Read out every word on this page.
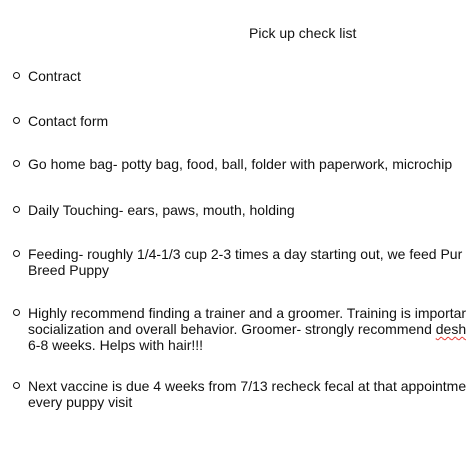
Pick up check list
Contract
Contact form
Go home bag- potty bag, food, ball, folder with paperwork, microchip
Daily Touching- ears, paws, mouth, holding
Feeding- roughly 1/4-1/3 cup 2-3 times a day starting out, we feed Pur
Breed Puppy
Highly recommend finding a trainer and a groomer. Training is importar
socialization and overall behavior. Groomer- strongly recommend desh
6-8 weeks. Helps with hair!!!
Next vaccine is due 4 weeks from 7/13 recheck fecal at that appointme
every puppy visit
